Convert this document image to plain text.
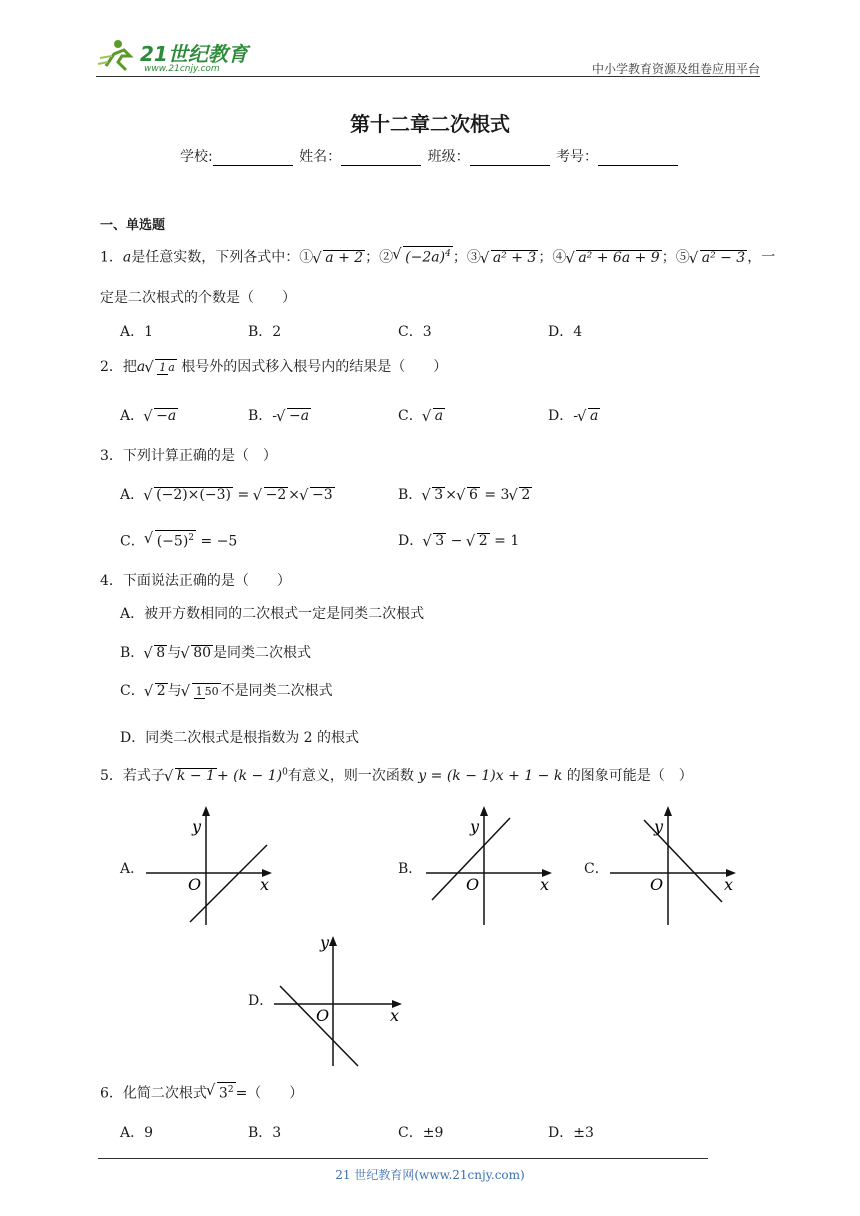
21世纪教育
www.21cnjy.com	中小学教育资源及组卷应用平台
第十二章二次根式
学校:	姓名：	班级：	考号：
一、单选题
1．a是任意实数，下列各式中：① √ a + 2 ；② √ $(-2a)^4$ ；③ √ a² + 3 ；④ √ a² + 6a + 9 ；⑤ √ a² − 3 ，一
定是二次根式的个数是（　　）
A．1	B．2	C．3	D．4
2．把a √ 1 a 根号外的因式移入根号内的结果是（　　）
A． √ −a	B．‐ √ −a	C． √ a	D．‐ √ a
3．下列计算正确的是（　）
A． √ (−2)×(−3) = √ −2 × √ −3	B． √ 3 × √ 6 = 3 √ 2
C． √ $(-5)^2 = -5$	D． √ 3 − √ 2 = 1
4．下面说法正确的是（　　）
A．被开方数相同的二次根式一定是同类二次根式
B． √ 8 与 √ 80 是同类二次根式
C． √ 2 与 √ 1 50 不是同类二次根式
D．同类二次根式是根指数为 2 的根式
5．若式子 √ $k - 1 + (k - 1)^0$有意义，则一次函数 y = (k − 1)x + 1 − k 的图象可能是（　）
A．
y
x
O
B．
y
x
O
C．
y
x
O
D．
y
x
O
6．化简二次根式 √ $3^2$ =（　　）
A．9	B．3	C．±9	D．±3
21 世纪教育网(www.21cnjy.com)
